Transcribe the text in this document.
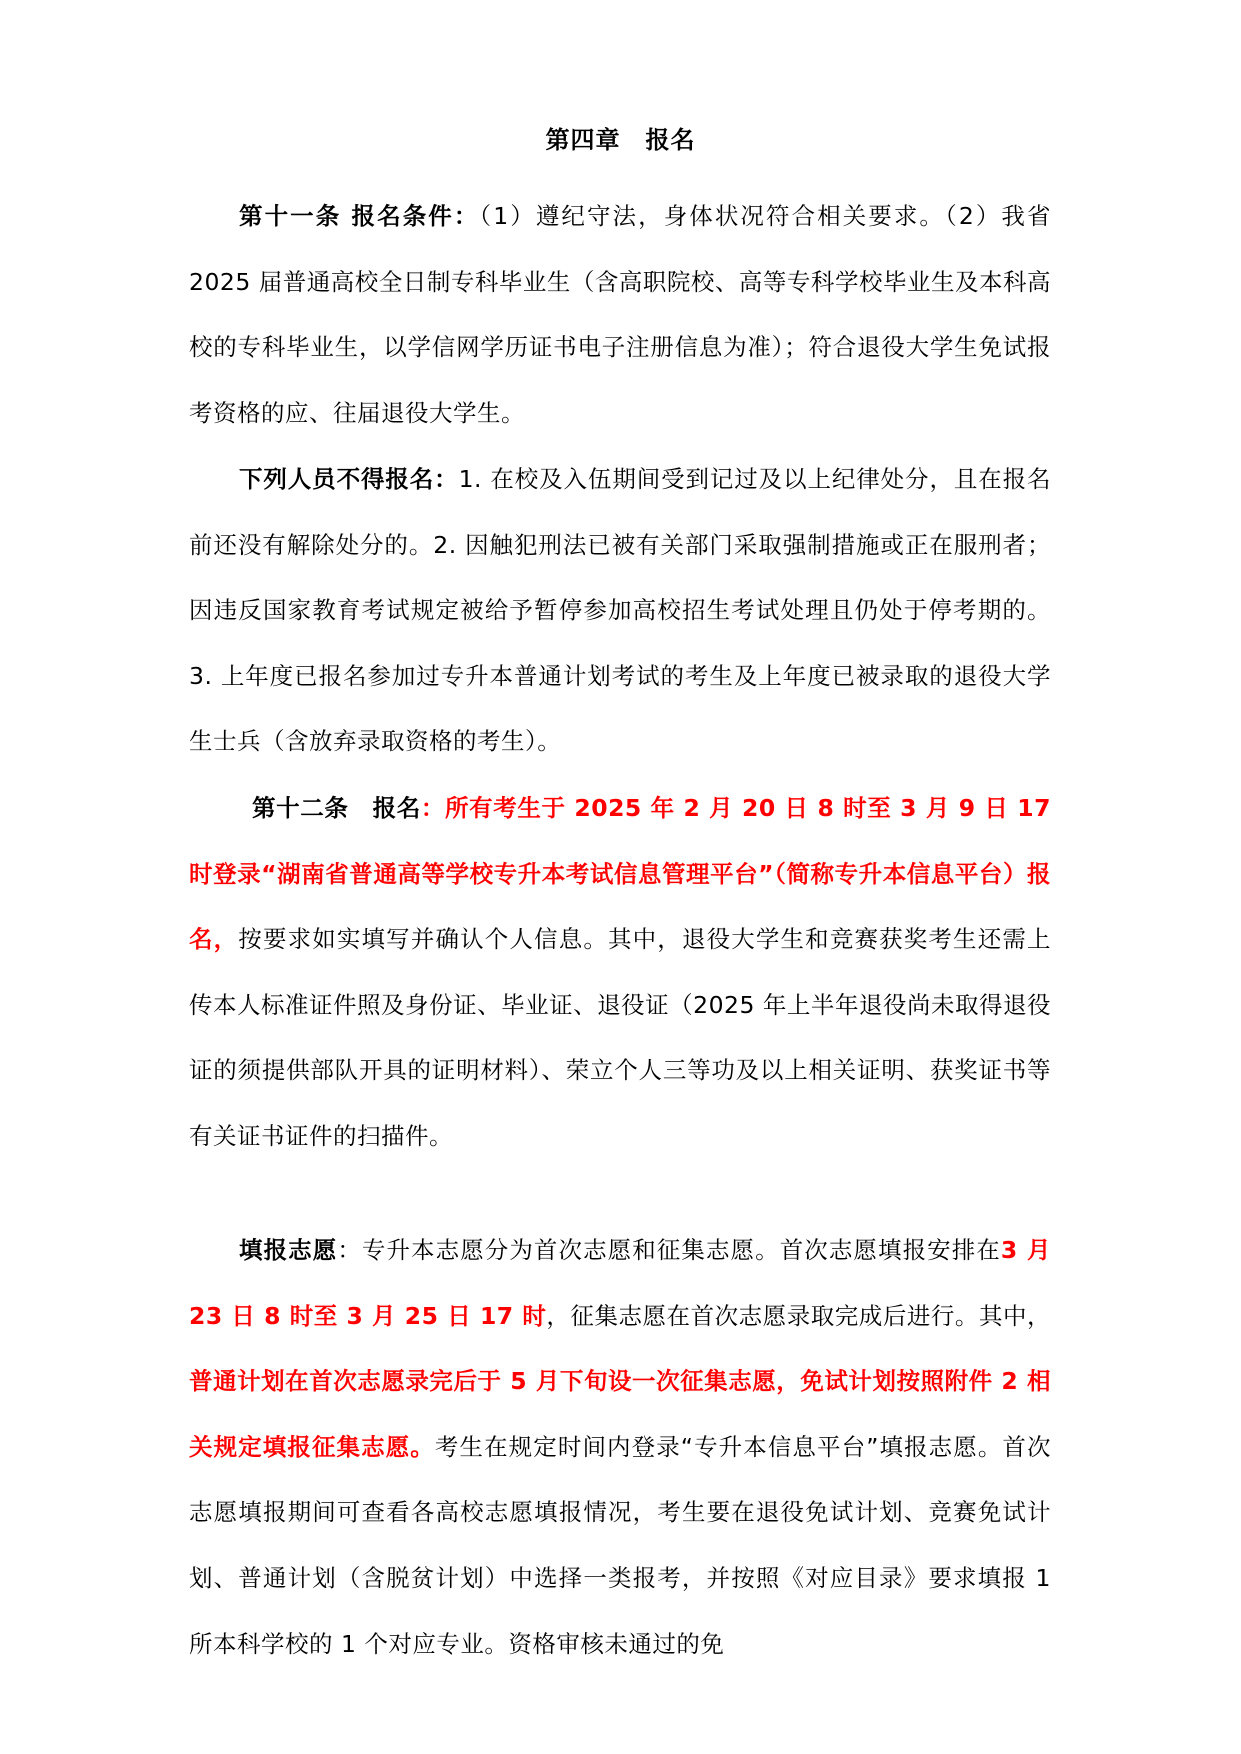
第四章　报名
第十一条 报名条件：（1）遵纪守法，身体状况符合相关要求。（2）我省 2025 届普通高校全日制专科毕业生（含高职院校、高等专科学校毕业生及本科高校的专科毕业生，以学信网学历证书电子注册信息为准）；符合退役大学生免试报考资格的应、往届退役大学生。
下列人员不得报名：1. 在校及入伍期间受到记过及以上纪律处分，且在报名前还没有解除处分的。2. 因触犯刑法已被有关部门采取强制措施或正在服刑者；因违反国家教育考试规定被给予暂停参加高校招生考试处理且仍处于停考期的。3. 上年度已报名参加过专升本普通计划考试的考生及上年度已被录取的退役大学生士兵（含放弃录取资格的考生）。
第十二条　报名：所有考生于 2025 年 2 月 20 日 8 时至 3 月 9 日 17 时登录“湖南省普通高等学校专升本考试信息管理平台”（简称专升本信息平台）报名，按要求如实填写并确认个人信息。其中，退役大学生和竞赛获奖考生还需上传本人标准证件照及身份证、毕业证、退役证（2025 年上半年退役尚未取得退役证的须提供部队开具的证明材料）、荣立个人三等功及以上相关证明、获奖证书等有关证书证件的扫描件。
填报志愿：专升本志愿分为首次志愿和征集志愿。首次志愿填报安排在3 月 23 日 8 时至 3 月 25 日 17 时，征集志愿在首次志愿录取完成后进行。其中，普通计划在首次志愿录完后于 5 月下旬设一次征集志愿，免试计划按照附件 2 相关规定填报征集志愿。考生在规定时间内登录“专升本信息平台”填报志愿。首次志愿填报期间可查看各高校志愿填报情况，考生要在退役免试计划、竞赛免试计划、普通计划（含脱贫计划）中选择一类报考，并按照《对应目录》要求填报 1 所本科学校的 1 个对应专业。资格审核未通过的免
